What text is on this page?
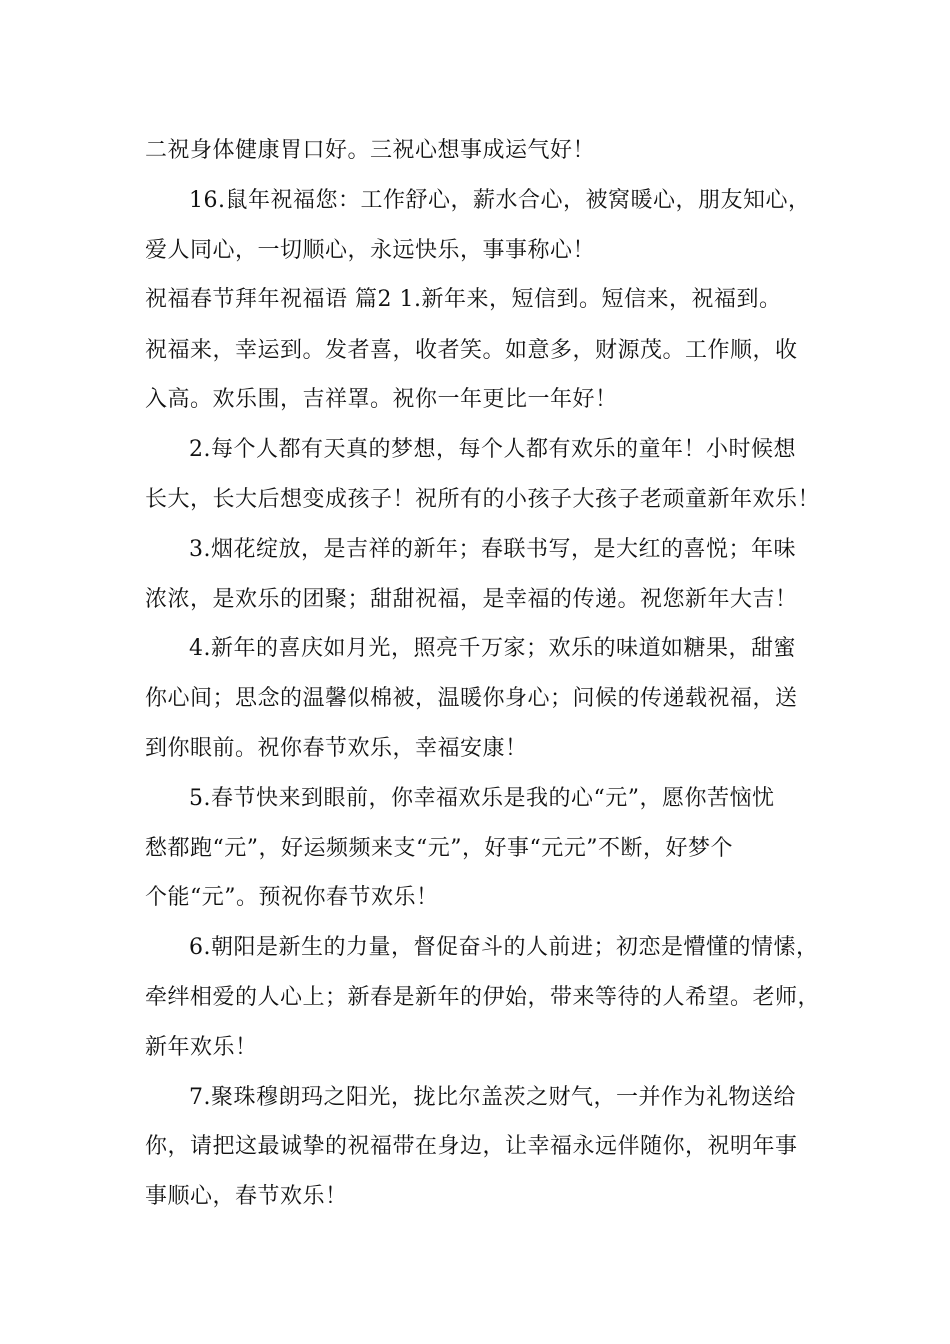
二祝身体健康胃口好。三祝心想事成运气好！
16.鼠年祝福您：工作舒心，薪水合心，被窝暖心，朋友知心，
爱人同心，一切顺心，永远快乐，事事称心！
祝福春节拜年祝福语 篇2 1.新年来，短信到。短信来，祝福到。
祝福来，幸运到。发者喜，收者笑。如意多，财源茂。工作顺，收
入高。欢乐围，吉祥罩。祝你一年更比一年好！
2.每个人都有天真的梦想，每个人都有欢乐的童年！小时候想
长大，长大后想变成孩子！祝所有的小孩子大孩子老顽童新年欢乐！
3.烟花绽放，是吉祥的新年；春联书写，是大红的喜悦；年味
浓浓，是欢乐的团聚；甜甜祝福，是幸福的传递。祝您新年大吉！
4.新年的喜庆如月光，照亮千万家；欢乐的味道如糖果，甜蜜
你心间；思念的温馨似棉被，温暖你身心；问候的传递载祝福，送
到你眼前。祝你春节欢乐，幸福安康！
5.春节快来到眼前，你幸福欢乐是我的心“元”，愿你苦恼忧
愁都跑“元”，好运频频来支“元”，好事“元元”不断，好梦个
个能“元”。预祝你春节欢乐！
6.朝阳是新生的力量，督促奋斗的人前进；初恋是懵懂的情愫，
牵绊相爱的人心上；新春是新年的伊始，带来等待的人希望。老师，
新年欢乐！
7.聚珠穆朗玛之阳光，拢比尔盖茨之财气，一并作为礼物送给
你，请把这最诚挚的祝福带在身边，让幸福永远伴随你，祝明年事
事顺心，春节欢乐！
